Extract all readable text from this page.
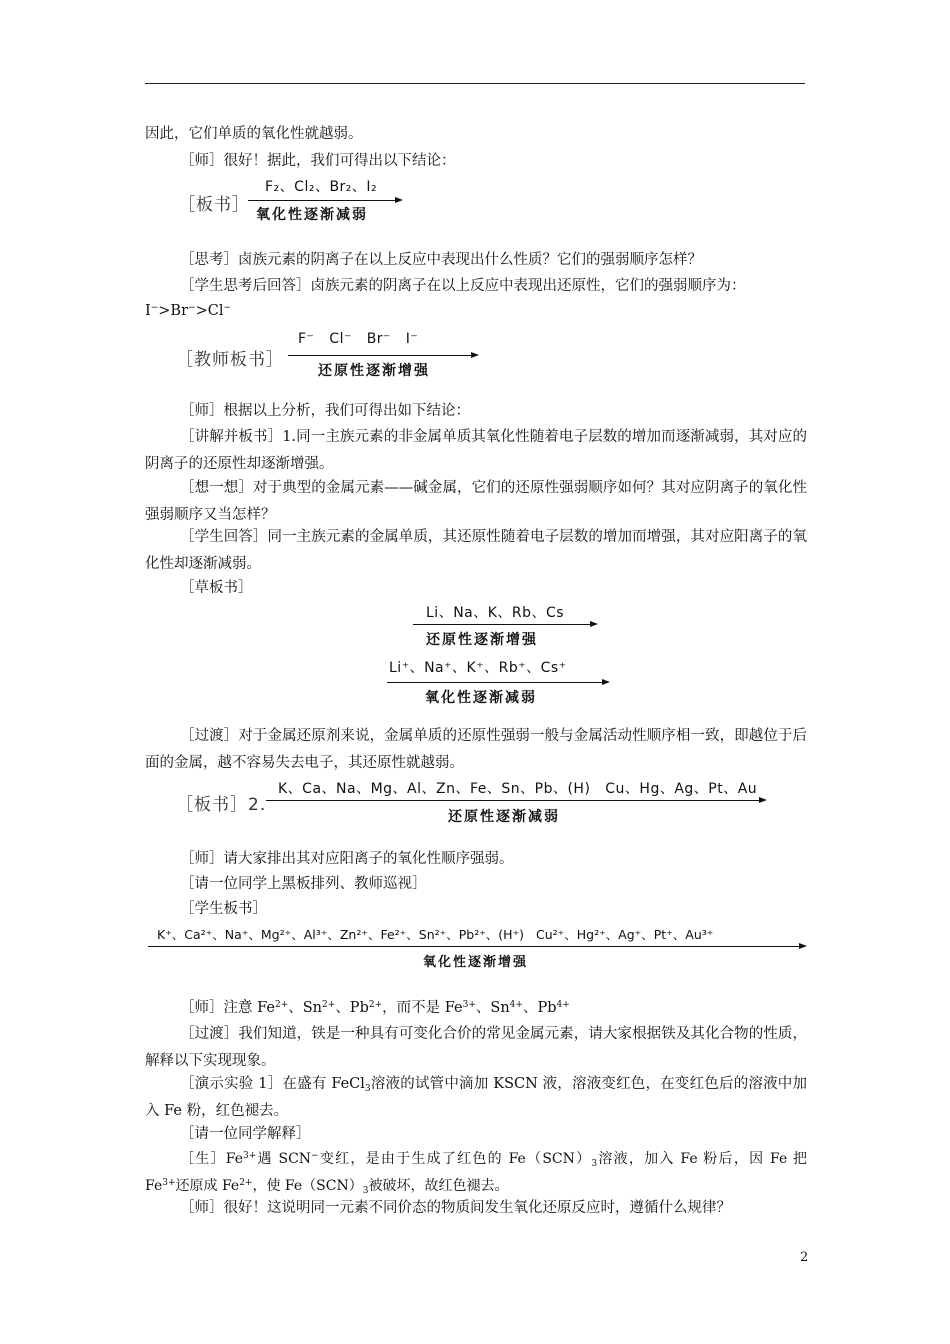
因此，它们单质的氧化性就越弱。

［师］很好！据此，我们可得出以下结论：

［板书］
F₂、Cl₂、Br₂、I₂
氧化性逐渐减弱

［思考］卤族元素的阴离子在以上反应中表现出什么性质？它们的强弱顺序怎样？

［学生思考后回答］卤族元素的阴离子在以上反应中表现出还原性，它们的强弱顺序为：

I−>Br−>Cl−

［教师板书］
F⁻   Cl⁻   Br⁻   I⁻
还原性逐渐增强

［师］根据以上分析，我们可得出如下结论：

［讲解并板书］1.同一主族元素的非金属单质其氧化性随着电子层数的增加而逐渐减弱，其对应的阴离子的还原性却逐渐增强。

［想一想］对于典型的金属元素——碱金属，它们的还原性强弱顺序如何？其对应阴离子的氧化性强弱顺序又当怎样？

［学生回答］同一主族元素的金属单质，其还原性随着电子层数的增加而增强，其对应阳离子的氧化性却逐渐减弱。

［草板书］

Li、Na、K、Rb、Cs
还原性逐渐增强
Li⁺、Na⁺、K⁺、Rb⁺、Cs⁺
氧化性逐渐减弱

［过渡］对于金属还原剂来说，金属单质的还原性强弱一般与金属活动性顺序相一致，即越位于后面的金属，越不容易失去电子，其还原性就越弱。

［板书］2.
K、Ca、Na、Mg、Al、Zn、Fe、Sn、Pb、(H)   Cu、Hg、Ag、Pt、Au
还原性逐渐减弱

［师］请大家排出其对应阳离子的氧化性顺序强弱。

［请一位同学上黑板排列、教师巡视］

［学生板书］

K⁺、Ca²⁺、Na⁺、Mg²⁺、Al³⁺、Zn²⁺、Fe²⁺、Sn²⁺、Pb²⁺、(H⁺)   Cu²⁺、Hg²⁺、Ag⁺、Pt⁺、Au³⁺
氧化性逐渐增强

［师］注意 $Fe^{2+}$、$Sn^{2+}$、$Pb^{2+}$，而不是 $Fe^{3+}$、$Sn^{4+}$、$Pb^{4+}$

［过渡］我们知道，铁是一种具有可变化合价的常见金属元素，请大家根据铁及其化合物的性质，解释以下实现现象。

［演示实验 1］在盛有 FeCl$_3$溶液的试管中滴加 KSCN 液，溶液变红色，在变红色后的溶液中加入 Fe 粉，红色褪去。

［请一位同学解释］

［生$]Fe^{3+}$遇 SCN−变红，是由于生成了红色的 $Fe(SCN)_3$溶液，加入 Fe 粉后，因 Fe 把 $Fe^{3+}$还原成 $Fe^{2+}$，使 $Fe(SCN)_3$被破坏，故红色褪去。

［师］很好！这说明同一元素不同价态的物质间发生氧化还原反应时，遵循什么规律？

2
